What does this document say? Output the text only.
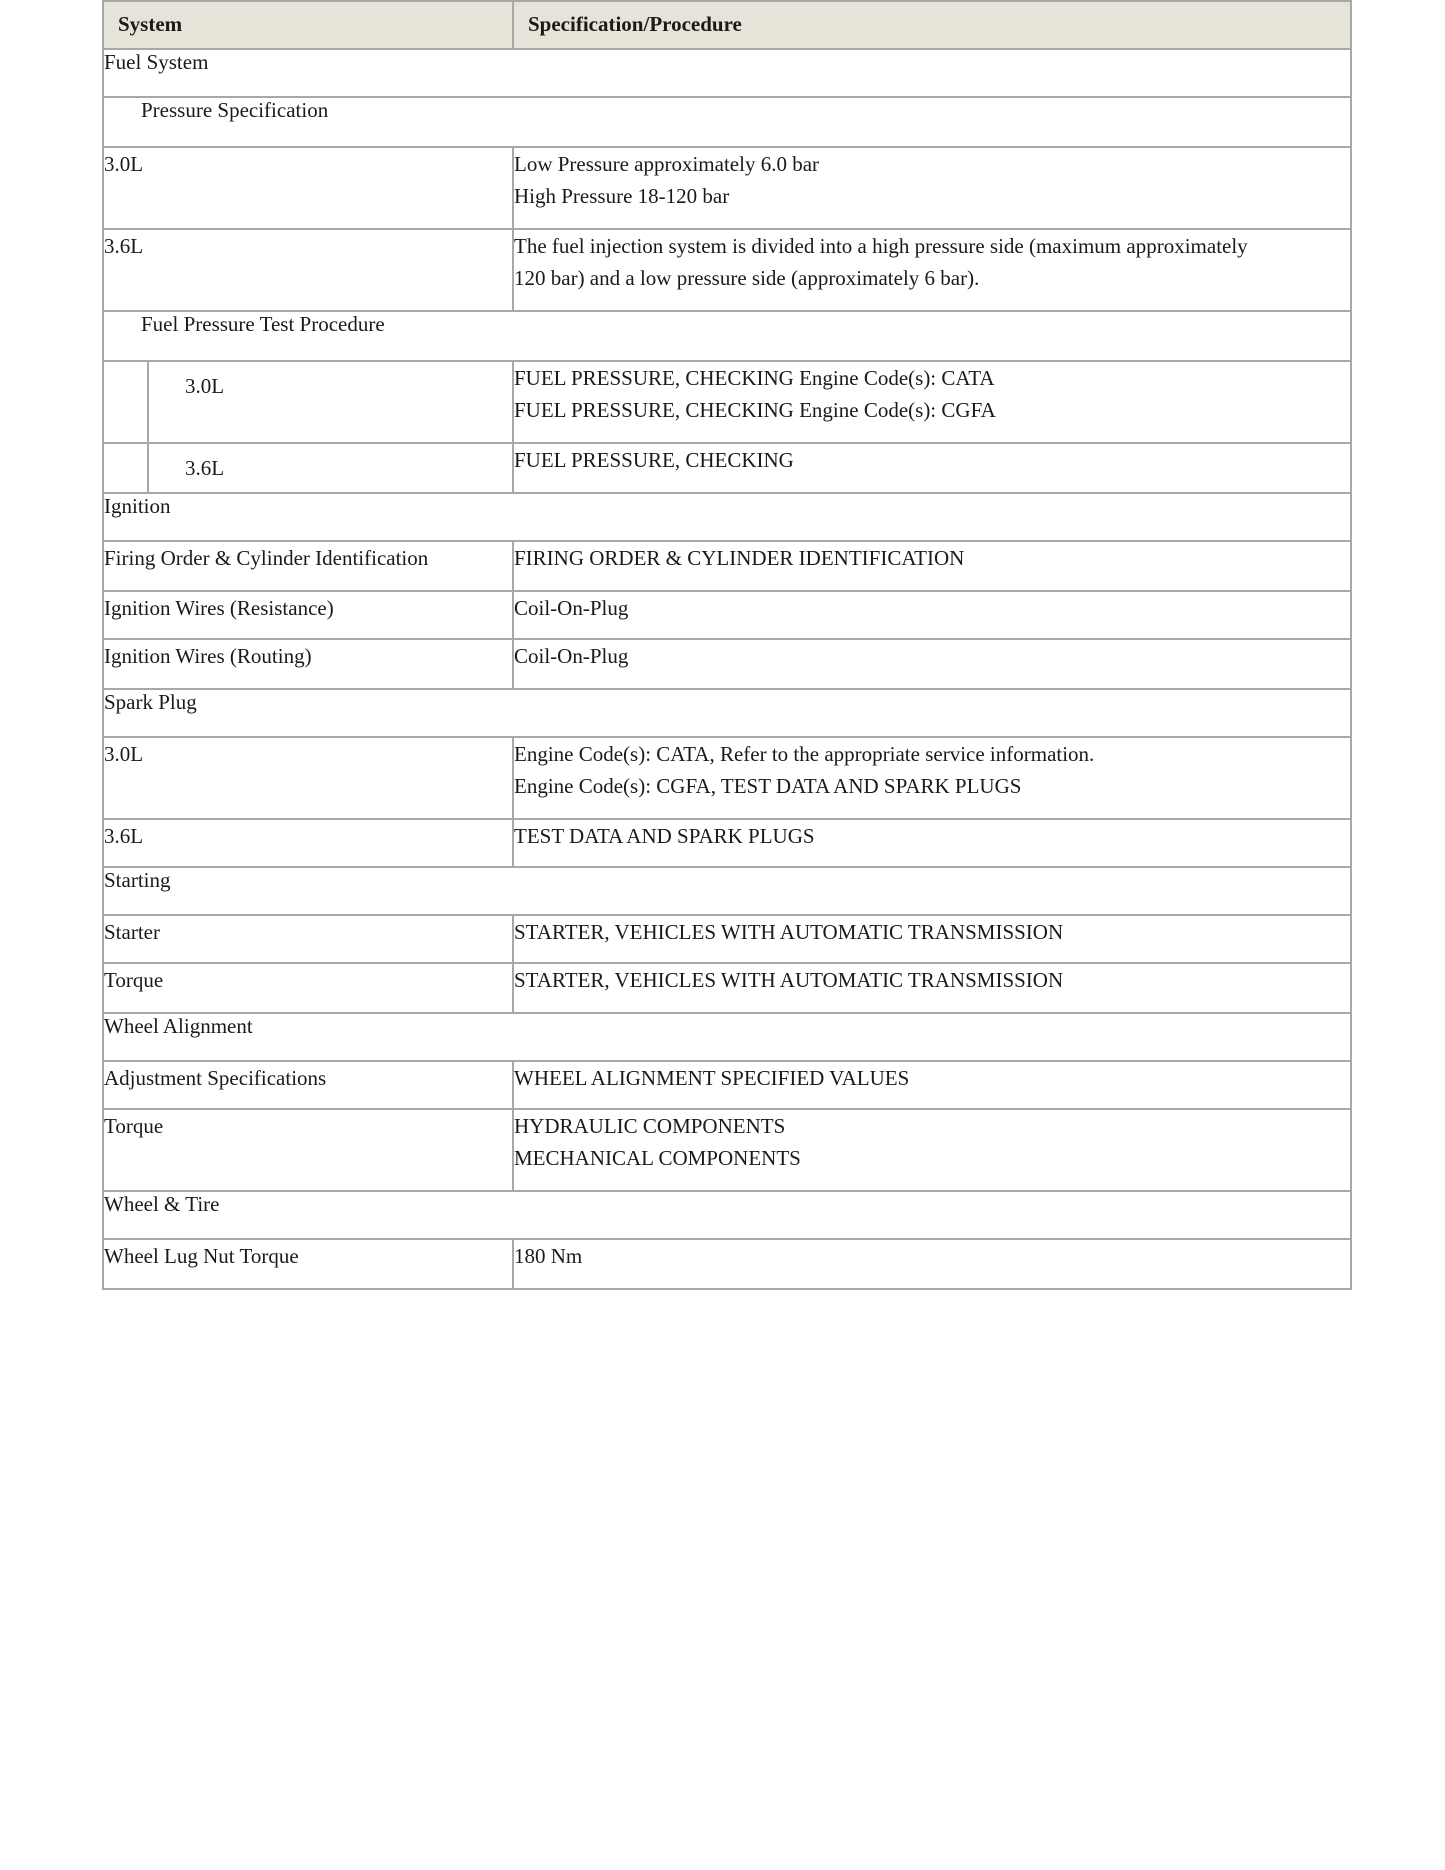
System	Specification/Procedure
Fuel System	
Pressure Specification	
3.0L	Low Pressure approximately 6.0 bar
High Pressure 18-120 bar

3.6L	The fuel injection system is divided into a high pressure side (maximum approximately
120 bar) and a low pressure side (approximately 6 bar).

Fuel Pressure Test Procedure	

3.0L	FUEL PRESSURE, CHECKING Engine Code(s): CATA
FUEL PRESSURE, CHECKING Engine Code(s): CGFA

3.6L	FUEL PRESSURE, CHECKING

Ignition	
Firing Order & Cylinder Identification	FIRING ORDER & CYLINDER IDENTIFICATION
Ignition Wires (Resistance)	Coil-On-Plug
Ignition Wires (Routing)	Coil-On-Plug
Spark Plug	
3.0L	Engine Code(s): CATA, Refer to the appropriate service information.
Engine Code(s): CGFA, TEST DATA AND SPARK PLUGS

3.6L	TEST DATA AND SPARK PLUGS
Starting	
Starter	STARTER, VEHICLES WITH AUTOMATIC TRANSMISSION
Torque	STARTER, VEHICLES WITH AUTOMATIC TRANSMISSION
Wheel Alignment	
Adjustment Specifications	WHEEL ALIGNMENT SPECIFIED VALUES
Torque	HYDRAULIC COMPONENTS
MECHANICAL COMPONENTS

Wheel & Tire	
Wheel Lug Nut Torque	180 Nm
